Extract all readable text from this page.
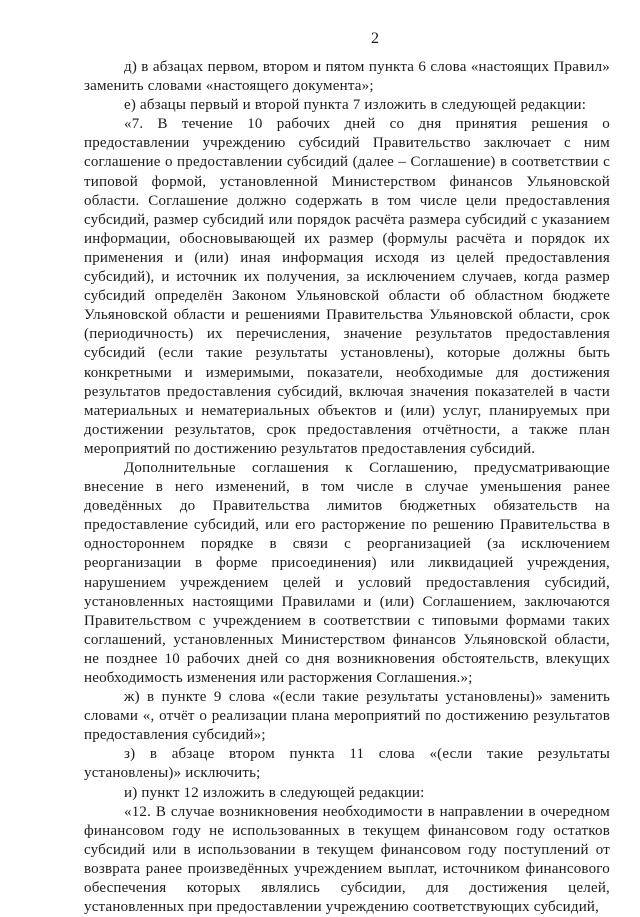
2

д) в абзацах первом, втором и пятом пункта 6 слова «настоящих Правил» заменить словами «настоящего документа»;

е) абзацы первый и второй пункта 7 изложить в следующей редакции:

«7. В течение 10 рабочих дней со дня принятия решения о предоставлении учреждению субсидий Правительство заключает с ним соглашение о предоставлении субсидий (далее – Соглашение) в соответствии с типовой формой, установленной Министерством финансов Ульяновской области. Соглашение должно содержать в том числе цели предоставления субсидий, размер субсидий или порядок расчёта размера субсидий с указанием информации, обосновывающей их размер (формулы расчёта и порядок их применения и (или) иная информация исходя из целей предоставления субсидий), и источник их получения, за исключением случаев, когда размер субсидий определён Законом Ульяновской области об областном бюджете Ульяновской области и решениями Правительства Ульяновской области, срок (периодичность) их перечисления, значение результатов предоставления субсидий (если такие результаты установлены), которые должны быть конкретными и измеримыми, показатели, необходимые для достижения результатов предоставления субсидий, включая значения показателей в части материальных и нематериальных объектов и (или) услуг, планируемых при достижении результатов, срок предоставления отчётности, а также план мероприятий по достижению результатов предоставления субсидий.

Дополнительные соглашения к Соглашению, предусматривающие внесение в него изменений, в том числе в случае уменьшения ранее доведённых до Правительства лимитов бюджетных обязательств на предоставление субсидий, или его расторжение по решению Правительства в одностороннем порядке в связи с реорганизацией (за исключением реорганизации в форме присоединения) или ликвидацией учреждения, нарушением учреждением целей и условий предоставления субсидий, установленных настоящими Правилами и (или) Соглашением, заключаются Правительством с учреждением в соответствии с типовыми формами таких соглашений, установленных Министерством финансов Ульяновской области, не позднее 10 рабочих дней со дня возникновения обстоятельств, влекущих необходимость изменения или расторжения Соглашения.»;

ж) в пункте 9 слова «(если такие результаты установлены)» заменить словами «, отчёт о реализации плана мероприятий по достижению результатов предоставления субсидий»;

з) в абзаце втором пункта 11 слова «(если такие результаты установлены)» исключить;

и) пункт 12 изложить в следующей редакции:

«12. В случае возникновения необходимости в направлении в очередном финансовом году не использованных в текущем финансовом году остатков субсидий или в использовании в текущем финансовом году поступлений от возврата ранее произведённых учреждением выплат, источником финансового обеспечения которых являлись субсидии, для достижения целей, установленных при предоставлении учреждению соответствующих субсидий,
